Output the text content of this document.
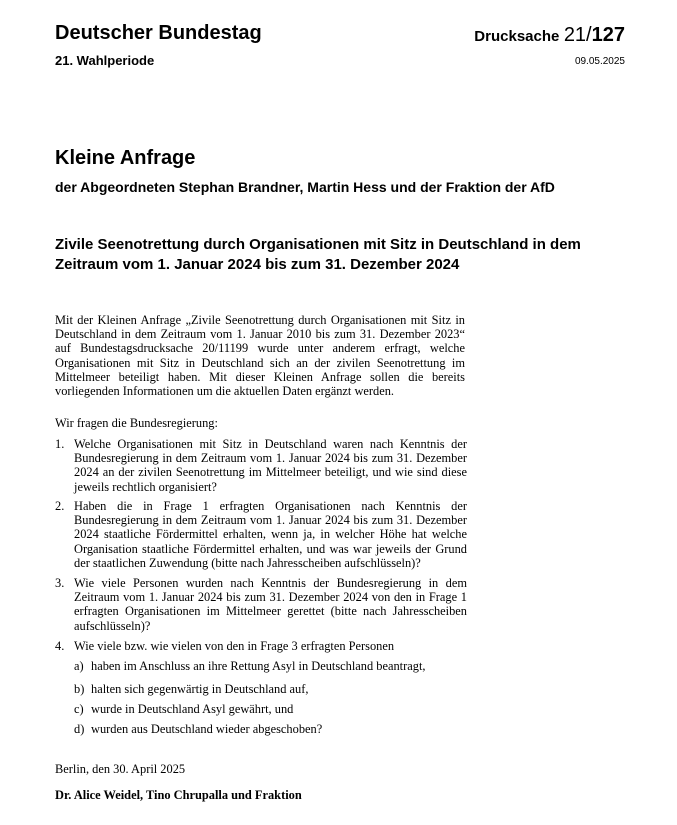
Deutscher Bundestag
21. Wahlperiode
Drucksache 21/127
09.05.2025
Kleine Anfrage
der Abgeordneten Stephan Brandner, Martin Hess und der Fraktion der AfD
Zivile Seenotrettung durch Organisationen mit Sitz in Deutschland in dem
Zeitraum vom 1. Januar 2024 bis zum 31. Dezember 2024
Mit der Kleinen Anfrage „Zivile Seenotrettung durch Organisationen mit Sitz in Deutschland in dem Zeitraum vom 1. Januar 2010 bis zum 31. Dezember 2023“ auf Bundestagsdrucksache 20/11199 wurde unter anderem erfragt, welche Organisationen mit Sitz in Deutschland sich an der zivilen Seenotrettung im Mittelmeer beteiligt haben. Mit dieser Kleinen Anfrage sollen die bereits vorliegenden Informationen um die aktuellen Daten ergänzt werden.
Wir fragen die Bundesregierung:
1. Welche Organisationen mit Sitz in Deutschland waren nach Kenntnis der Bundesregierung in dem Zeitraum vom 1. Januar 2024 bis zum 31. Dezember 2024 an der zivilen Seenotrettung im Mittelmeer beteiligt, und wie sind diese jeweils rechtlich organisiert?
2. Haben die in Frage 1 erfragten Organisationen nach Kenntnis der Bundesregierung in dem Zeitraum vom 1. Januar 2024 bis zum 31. Dezember 2024 staatliche Fördermittel erhalten, wenn ja, in welcher Höhe hat welche Organisation staatliche Fördermittel erhalten, und was war jeweils der Grund der staatlichen Zuwendung (bitte nach Jahresscheiben aufschlüsseln)?
3. Wie viele Personen wurden nach Kenntnis der Bundesregierung in dem Zeitraum vom 1. Januar 2024 bis zum 31. Dezember 2024 von den in Frage 1 erfragten Organisationen im Mittelmeer gerettet (bitte nach Jahresscheiben aufschlüsseln)?
4. Wie viele bzw. wie vielen von den in Frage 3 erfragten Personen
a) haben im Anschluss an ihre Rettung Asyl in Deutschland beantragt,
b) halten sich gegenwärtig in Deutschland auf,
c) wurde in Deutschland Asyl gewährt, und
d) wurden aus Deutschland wieder abgeschoben?
Berlin, den 30. April 2025
Dr. Alice Weidel, Tino Chrupalla und Fraktion
